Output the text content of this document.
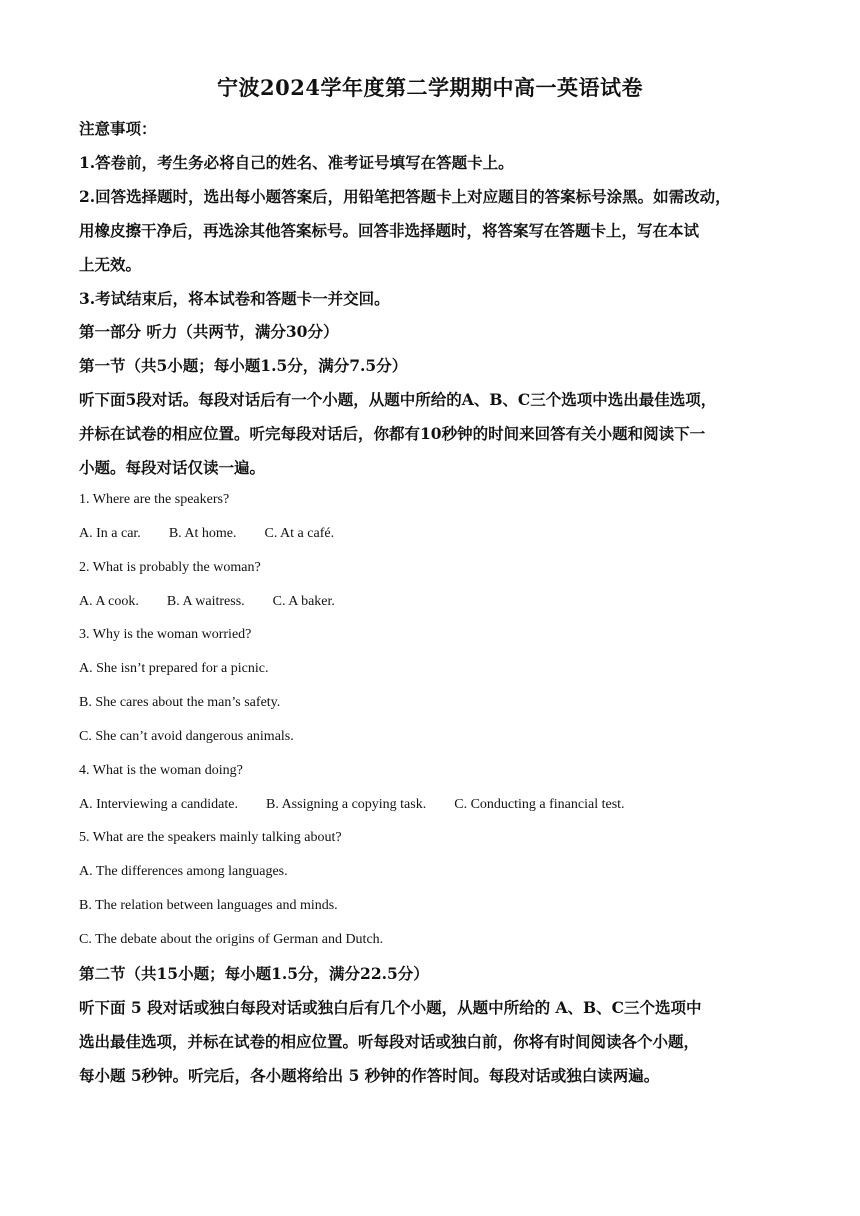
宁波2024学年度第二学期期中高一英语试卷
注意事项：
1.答卷前，考生务必将自己的姓名、准考证号填写在答题卡上。
2.回答选择题时，选出每小题答案后，用铅笔把答题卡上对应题目的答案标号涂黑。如需改动，
用橡皮擦干净后，再选涂其他答案标号。回答非选择题时，将答案写在答题卡上，写在本试
上无效。
3.考试结束后，将本试卷和答题卡一并交回。
第一部分 听力（共两节，满分30分）
第一节（共5小题；每小题1.5分，满分7.5分）
听下面5段对话。每段对话后有一个小题，从题中所给的A、B、C三个选项中选出最佳选项，
并标在试卷的相应位置。听完每段对话后，你都有10秒钟的时间来回答有关小题和阅读下一
小题。每段对话仅读一遍。
1. Where are the speakers?
A. In a car. B. At home. C. At a café.
2. What is probably the woman?
A. A cook. B. A waitress. C. A baker.
3. Why is the woman worried?
A. She isn’t prepared for a picnic.
B. She cares about the man’s safety.
C. She can’t avoid dangerous animals.
4. What is the woman doing?
A. Interviewing a candidate. B. Assigning a copying task. C. Conducting a financial test.
5. What are the speakers mainly talking about?
A. The differences among languages.
B. The relation between languages and minds.
C. The debate about the origins of German and Dutch.
第二节（共15小题；每小题1.5分，满分22.5分）
听下面 5 段对话或独白每段对话或独白后有几个小题，从题中所给的 A、B、C三个选项中
选出最佳选项，并标在试卷的相应位置。听每段对话或独白前，你将有时间阅读各个小题，
每小题 5秒钟。听完后，各小题将给出 5 秒钟的作答时间。每段对话或独白读两遍。
